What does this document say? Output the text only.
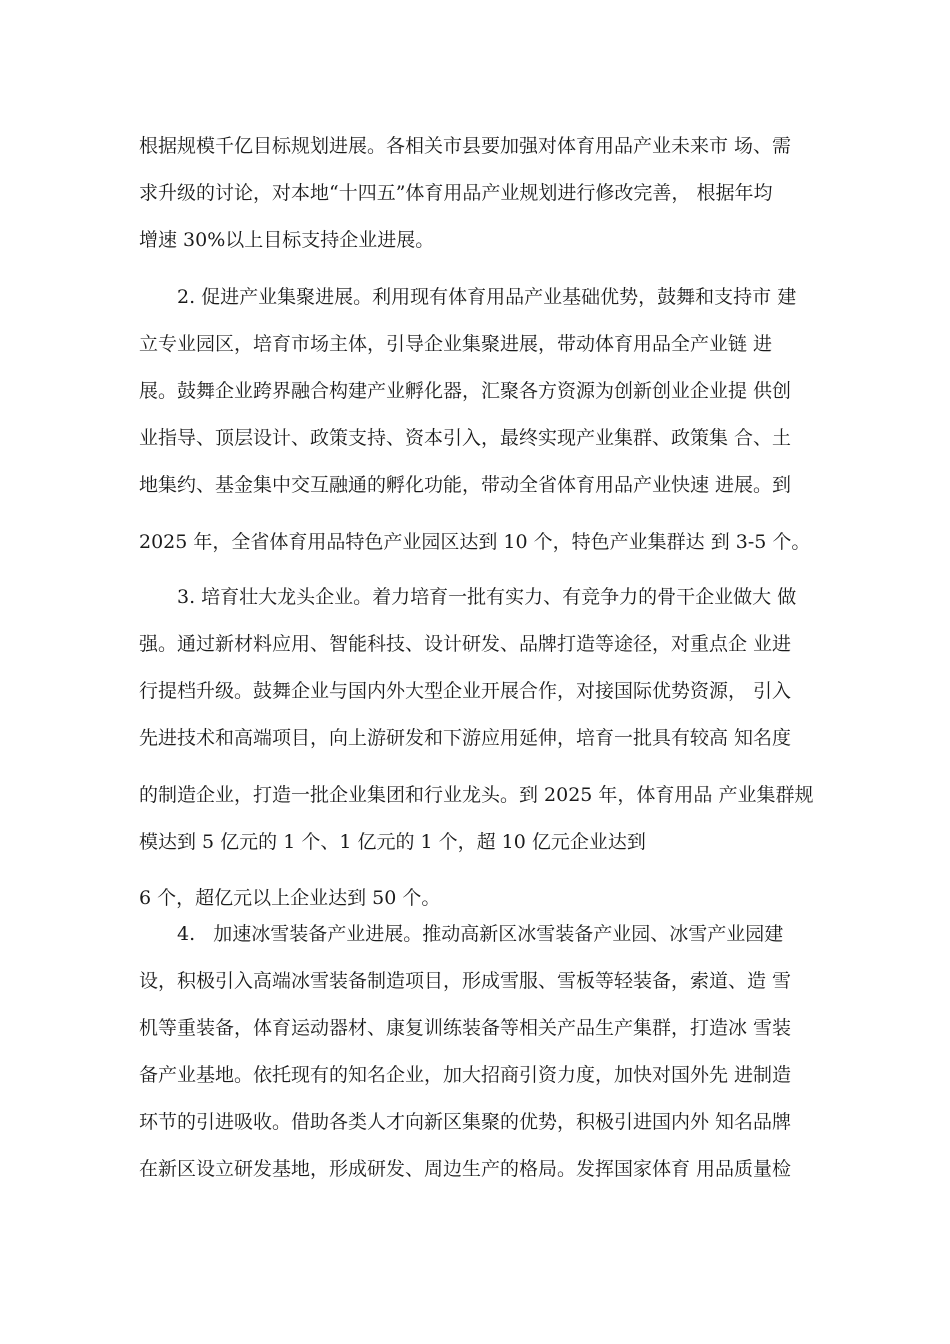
根据规模千亿目标规划进展。各相关市县要加强对体育用品产业未来市 场、需
求升级的讨论，对本地“十四五”体育用品产业规划进行修改完善， 根据年均
增速 30%以上目标支持企业进展。
2. 促进产业集聚进展。利用现有体育用品产业基础优势，鼓舞和支持市 建
立专业园区，培育市场主体，引导企业集聚进展，带动体育用品全产业链 进
展。鼓舞企业跨界融合构建产业孵化器，汇聚各方资源为创新创业企业提 供创
业指导、顶层设计、政策支持、资本引入，最终实现产业集群、政策集 合、土
地集约、基金集中交互融通的孵化功能，带动全省体育用品产业快速 进展。到
2025 年，全省体育用品特色产业园区达到 10 个，特色产业集群达 到 3-5 个。
3. 培育壮大龙头企业。着力培育一批有实力、有竞争力的骨干企业做大 做
强。通过新材料应用、智能科技、设计研发、品牌打造等途径，对重点企 业进
行提档升级。鼓舞企业与国内外大型企业开展合作，对接国际优势资源， 引入
先进技术和高端项目，向上游研发和下游应用延伸，培育一批具有较高 知名度
的制造企业，打造一批企业集团和行业龙头。到 2025 年，体育用品 产业集群规
模达到 5 亿元的 1 个、1 亿元的 1 个，超 10 亿元企业达到
6 个，超亿元以上企业达到 50 个。
4.   加速冰雪装备产业进展。推动高新区冰雪装备产业园、冰雪产业园建
设，积极引入高端冰雪装备制造项目，形成雪服、雪板等轻装备，索道、造 雪
机等重装备，体育运动器材、康复训练装备等相关产品生产集群，打造冰 雪装
备产业基地。依托现有的知名企业，加大招商引资力度，加快对国外先 进制造
环节的引进吸收。借助各类人才向新区集聚的优势，积极引进国内外 知名品牌
在新区设立研发基地，形成研发、周边生产的格局。发挥国家体育 用品质量检
